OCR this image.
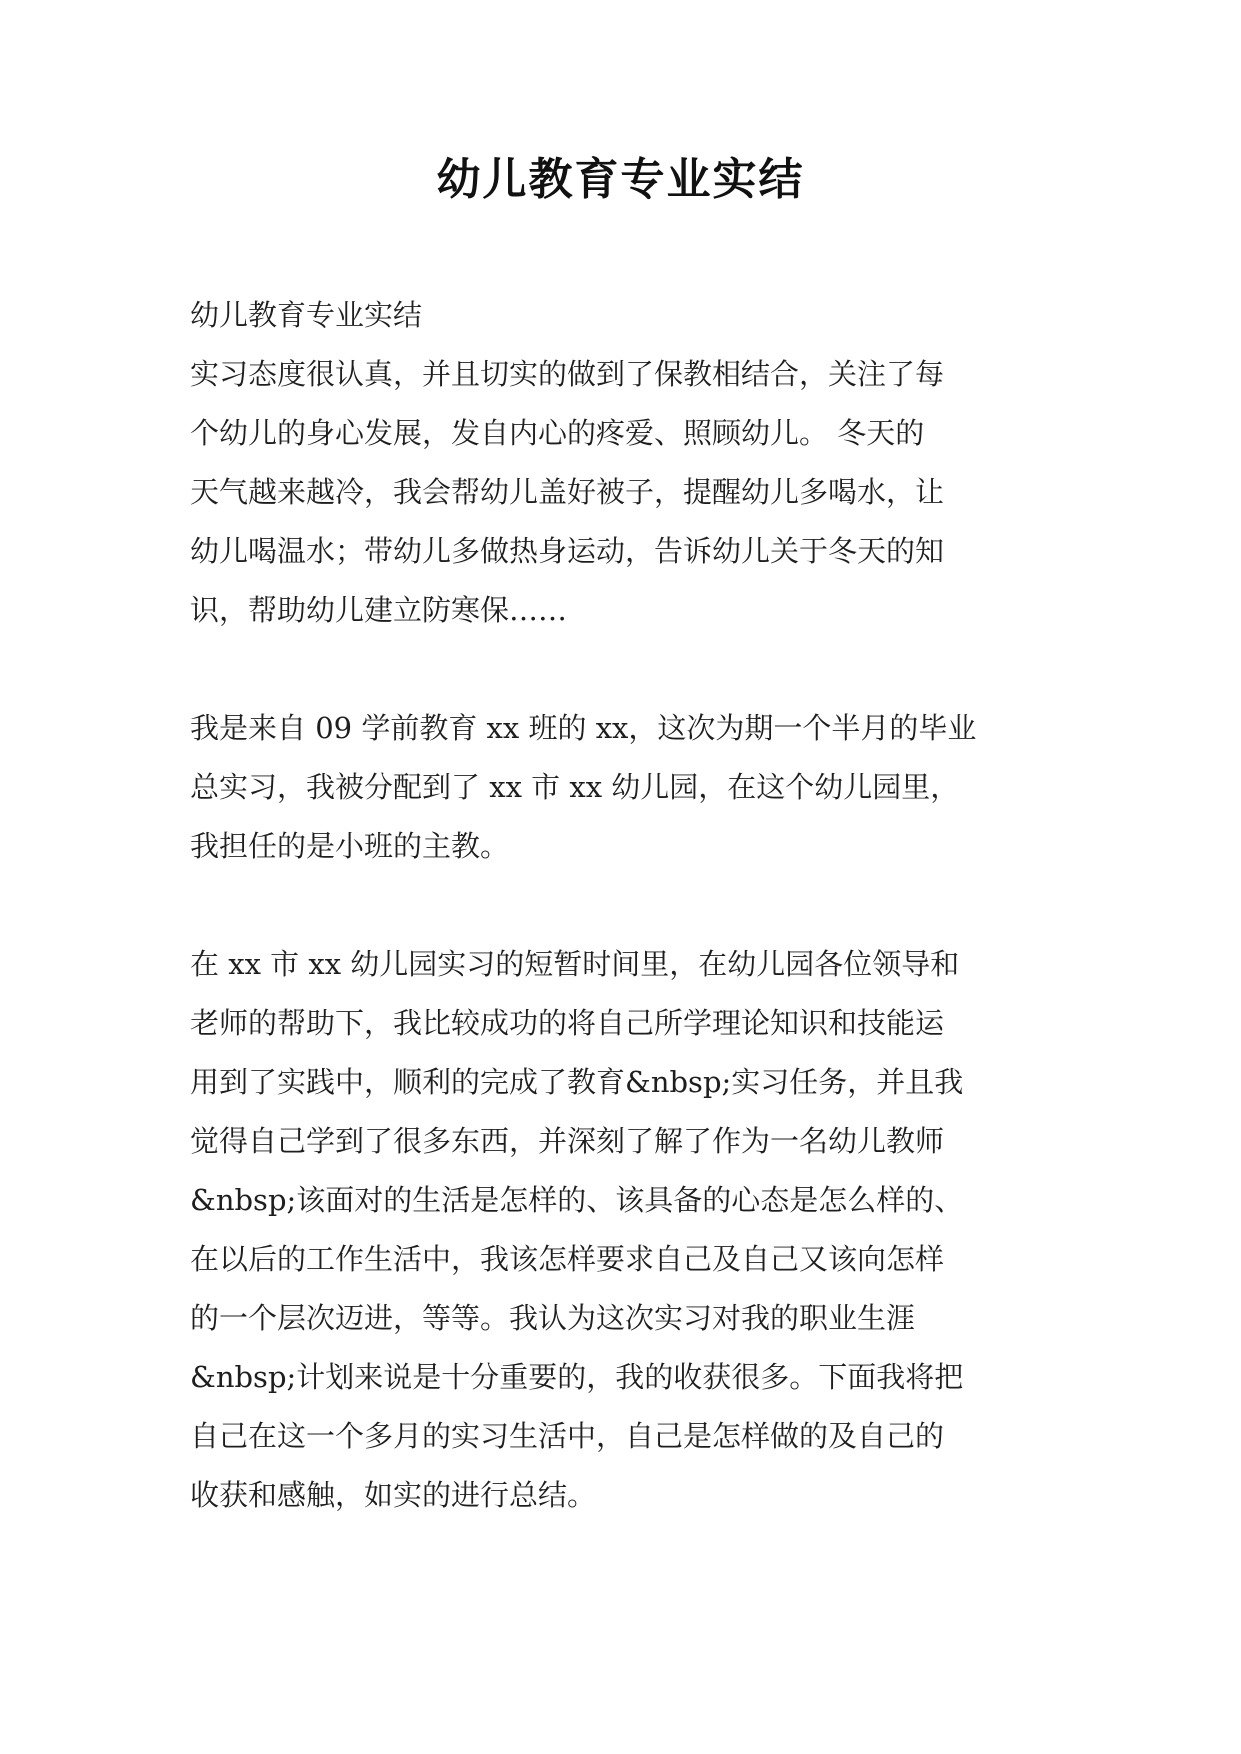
幼儿教育专业实结
幼儿教育专业实结
实习态度很认真，并且切实的做到了保教相结合，关注了每
个幼儿的身心发展，发自内心的疼爱、照顾幼儿。 冬天的
天气越来越冷，我会帮幼儿盖好被子，提醒幼儿多喝水，让
幼儿喝温水；带幼儿多做热身运动，告诉幼儿关于冬天的知
识，帮助幼儿建立防寒保……
我是来自 09 学前教育 xx 班的 xx，这次为期一个半月的毕业
总实习，我被分配到了 xx 市 xx 幼儿园，在这个幼儿园里，
我担任的是小班的主教。
在 xx 市 xx 幼儿园实习的短暂时间里，在幼儿园各位领导和
老师的帮助下，我比较成功的将自己所学理论知识和技能运
用到了实践中，顺利的完成了教育&nbsp;实习任务，并且我
觉得自己学到了很多东西，并深刻了解了作为一名幼儿教师
&nbsp;该面对的生活是怎样的、该具备的心态是怎么样的、
在以后的工作生活中，我该怎样要求自己及自己又该向怎样
的一个层次迈进，等等。我认为这次实习对我的职业生涯
&nbsp;计划来说是十分重要的，我的收获很多。下面我将把
自己在这一个多月的实习生活中，自己是怎样做的及自己的
收获和感触，如实的进行总结。
